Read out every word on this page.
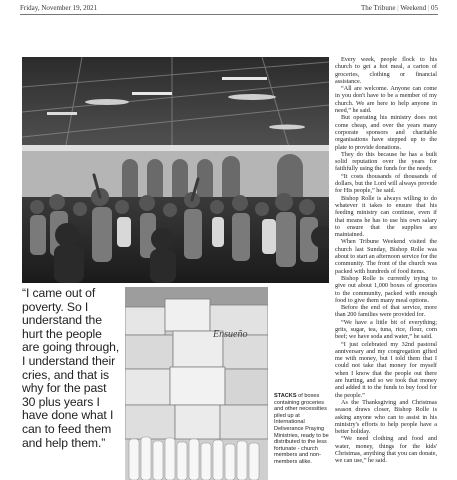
Friday, November 19, 2021	The Tribune | Weekend | 05
“I came out of poverty. So I understand the hurt the people are going through, I understand their cries, and that is why for the past 30 plus years I have done what I can to feed them and help them.”
Ensueño
STACKS of boxes containing groceries and other necessities piled up at International Deliverance Praying Ministries, ready to be distributed to the less fortunate - church members and non-members alike.

Every week, people flock to his church to get a hot meal, a carton of groceries, clothing or financial assistance.

“All are welcome. Anyone can come in you don't have to be a member of my church. We are here to help anyone in need,” he said.

But operating his ministry does not come cheap, and over the years many corporate sponsors and charitable organisations have stepped up to the plate to provide donations.

They do this because he has a built solid reputation over the years for faithfully using the funds for the needy.

“It costs thousands of thousands of dollars, but the Lord will always provide for His people,” he said.

Bishop Rolle is always willing to do whatever it takes to ensure that his feeding ministry can continue, even if that means he has to use his own salary to ensure that the supplies are maintained.

When Tribune Weekend visited the church last Sunday, Bishop Rolle was about to start an afternoon service for the community. The front of the church was packed with hundreds of food items.

Bishop Rolle is currently trying to give out about 1,000 boxes of groceries to the community, packed with enough food to give them many meal options.

Before the end of that service, more than 200 families were provided for.

“We have a little bit of everything; grits, sugar, tea, tuna, rice, flour, corn beef; we have soda and water,” he said.

“I just celebrated my 32nd pastoral anniversary and my congregation gifted me with money, but I told them that I could not take that money for myself when I know that the people out there are hurting, and so we took that money and added it to the funds to buy food for the people.”

As the Thanksgiving and Christmas season draws closer, Bishop Rolle is asking anyone who can to assist in his ministry's efforts to help people have a better holiday.

“We need clothing and food and water, money, things for the kids' Christmas, anything that you can donate, we can use,” he said.
